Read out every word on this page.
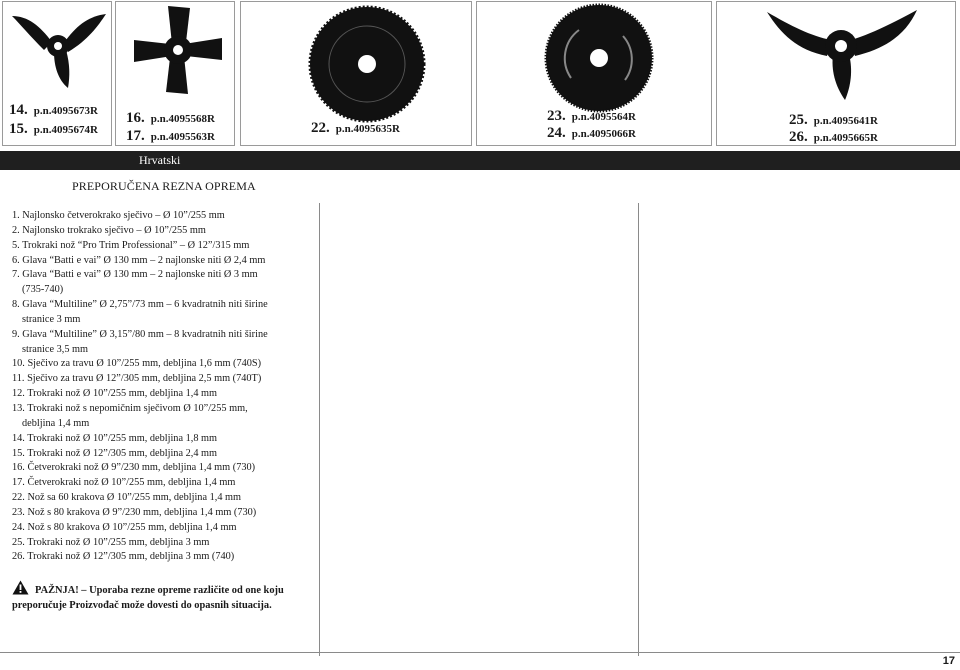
14. p.n.4095673R
15. p.n.4095674R
16. p.n.4095568R
17. p.n.4095563R
22. p.n.4095635R
23. p.n.4095564R
24. p.n.4095066R
25. p.n.4095641R
26. p.n.4095665R
Hrvatski
PREPORUČENA REZNA OPREMA
1. Najlonsko četverokrako sječivo – Ø 10”/255 mm
2. Najlonsko trokrako sječivo – Ø 10”/255 mm
5. Trokraki nož “Pro Trim Professional” – Ø 12”/315 mm
6. Glava “Batti e vai” Ø 130 mm – 2 najlonske niti Ø 2,4 mm
7. Glava “Batti e vai” Ø 130 mm – 2 najlonske niti Ø 3 mm
(735-740)
8. Glava “Multiline” Ø 2,75”/73 mm – 6 kvadratnih niti širine
stranice 3 mm
9. Glava “Multiline” Ø 3,15”/80 mm – 8 kvadratnih niti širine
stranice 3,5 mm
10. Sječivo za travu Ø 10”/255 mm, debljina 1,6 mm (740S)
11. Sječivo za travu Ø 12”/305 mm, debljina 2,5 mm (740T)
12. Trokraki nož Ø 10”/255 mm, debljina 1,4 mm
13. Trokraki nož s nepomičnim sječivom Ø 10”/255 mm,
debljina 1,4 mm
14. Trokraki nož Ø 10”/255 mm, debljina 1,8 mm
15. Trokraki nož Ø 12”/305 mm, debljina 2,4 mm
16. Četverokraki nož Ø 9”/230 mm, debljina 1,4 mm (730)
17. Četverokraki nož Ø 10”/255 mm, debljina 1,4 mm
22. Nož sa 60 krakova Ø 10”/255 mm, debljina 1,4 mm
23. Nož s 80 krakova Ø 9”/230 mm, debljina 1,4 mm (730)
24. Nož s 80 krakova Ø 10”/255 mm, debljina 1,4 mm
25. Trokraki nož Ø 10”/255 mm, debljina 3 mm
26. Trokraki nož Ø 12”/305 mm, debljina 3 mm (740)
PAŽNJA! – Uporaba rezne opreme različite od one koju
preporučuje Proizvođač može dovesti do opasnih situacija.
17
